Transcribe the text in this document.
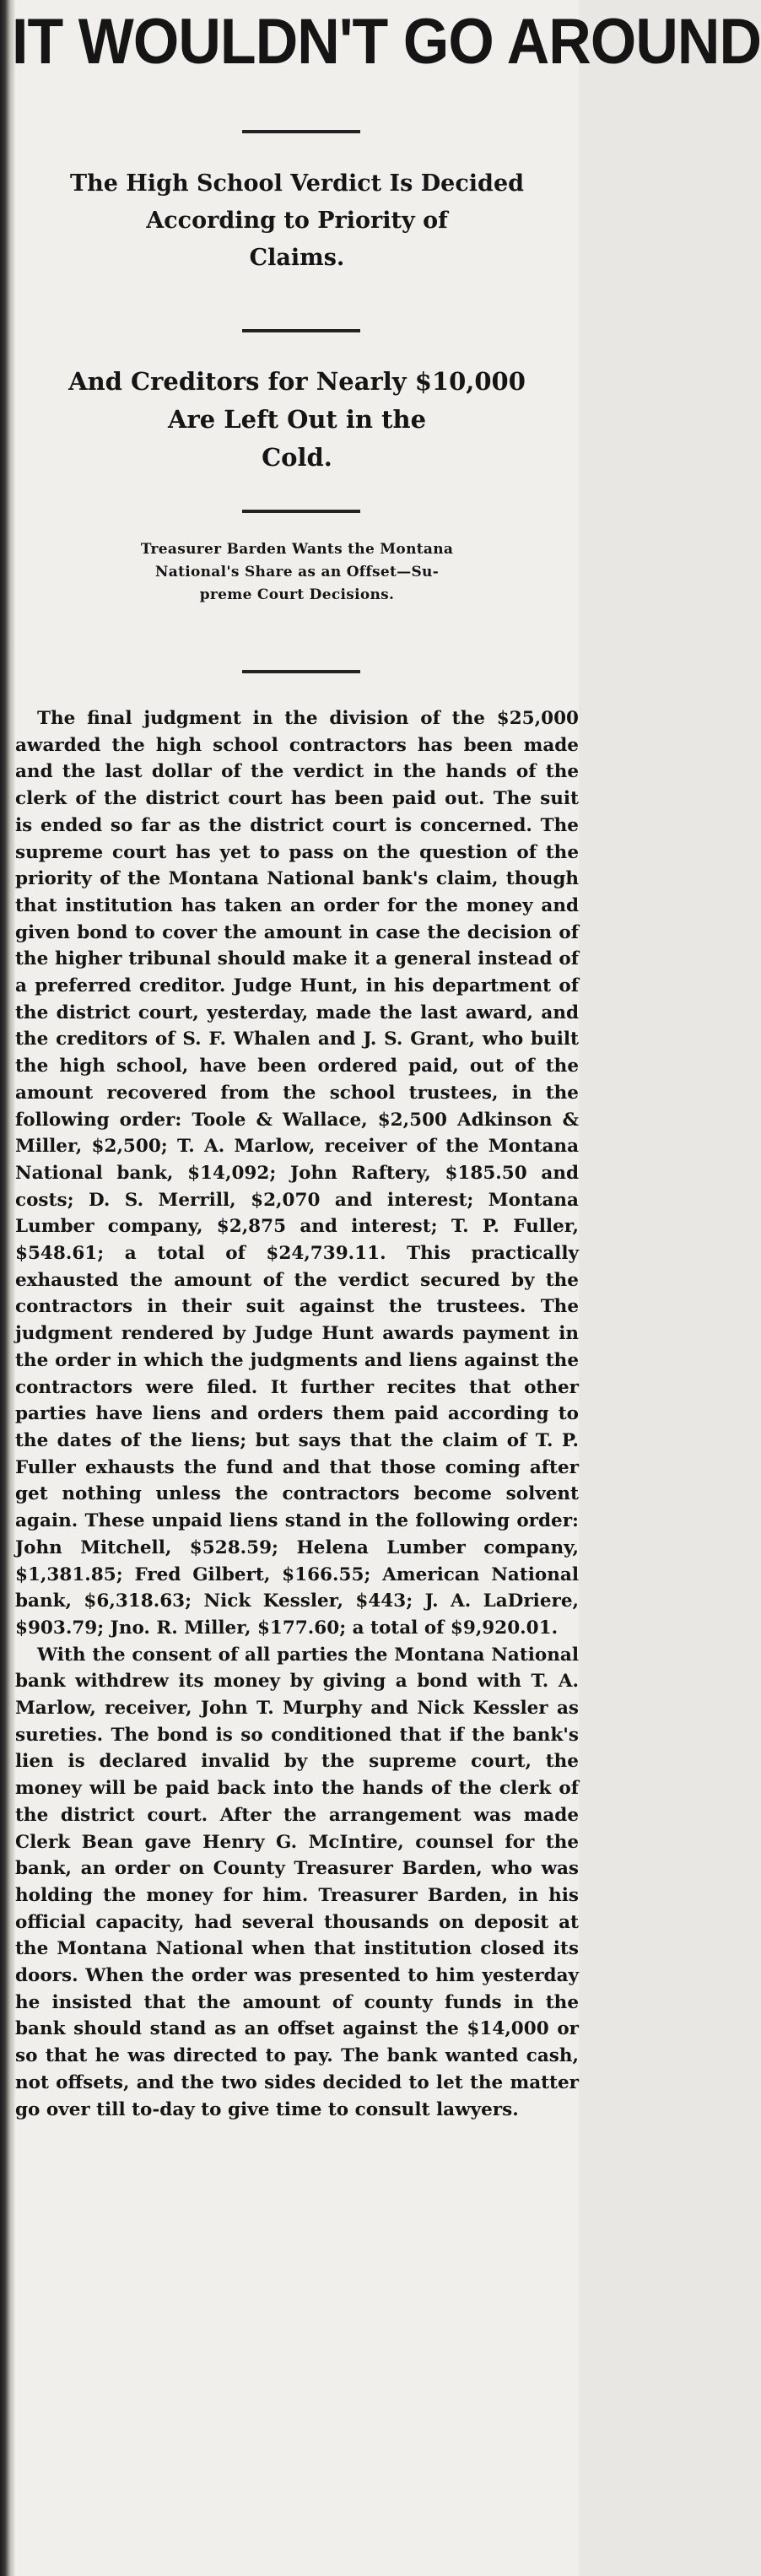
IT WOULDN'T GO AROUND
The High School Verdict Is Decided
According to Priority of
Claims.
And Creditors for Nearly $10,000
Are Left Out in the
Cold.
Treasurer Barden Wants the Montana
National's Share as an Offset—Su-
preme Court Decisions.

The final judgment in the division of the $25,000 awarded the high school contractors has been made and the last dollar of the verdict in the hands of the clerk of the district court has been paid out. The suit is ended so far as the district court is concerned. The supreme court has yet to pass on the question of the priority of the Montana National bank's claim, though that institution has taken an order for the money and given bond to cover the amount in case the decision of the higher tribunal should make it a general instead of a preferred creditor. Judge Hunt, in his department of the district court, yesterday, made the last award, and the creditors of S. F. Whalen and J. S. Grant, who built the high school, have been ordered paid, out of the amount recovered from the school trustees, in the following order: Toole & Wallace, $2,500 Adkinson & Miller, $2,500; T. A. Marlow, receiver of the Montana National bank, $14,092; John Raftery, $185.50 and costs; D. S. Merrill, $2,070 and interest; Montana Lumber company, $2,875 and interest; T. P. Fuller, $548.61; a total of $24,739.11. This practically exhausted the amount of the verdict secured by the contractors in their suit against the trustees. The judgment rendered by Judge Hunt awards payment in the order in which the judgments and liens against the contractors were filed. It further recites that other parties have liens and orders them paid according to the dates of the liens; but says that the claim of T. P. Fuller exhausts the fund and that those coming after get nothing unless the contractors become solvent again. These unpaid liens stand in the following order: John Mitchell, $528.59; Helena Lumber company, $1,381.85; Fred Gilbert, $166.55; American National bank, $6,318.63; Nick Kessler, $443; J. A. LaDriere, $903.79; Jno. R. Miller, $177.60; a total of $9,920.01.

With the consent of all parties the Montana National bank withdrew its money by giving a bond with T. A. Marlow, receiver, John T. Murphy and Nick Kessler as sureties. The bond is so conditioned that if the bank's lien is declared invalid by the supreme court, the money will be paid back into the hands of the clerk of the district court. After the arrangement was made Clerk Bean gave Henry G. McIntire, counsel for the bank, an order on County Treasurer Barden, who was holding the money for him. Treasurer Barden, in his official capacity, had several thousands on deposit at the Montana National when that institution closed its doors. When the order was presented to him yesterday he insisted that the amount of county funds in the bank should stand as an offset against the $14,000 or so that he was directed to pay. The bank wanted cash, not offsets, and the two sides decided to let the matter go over till to-day to give time to consult lawyers.
